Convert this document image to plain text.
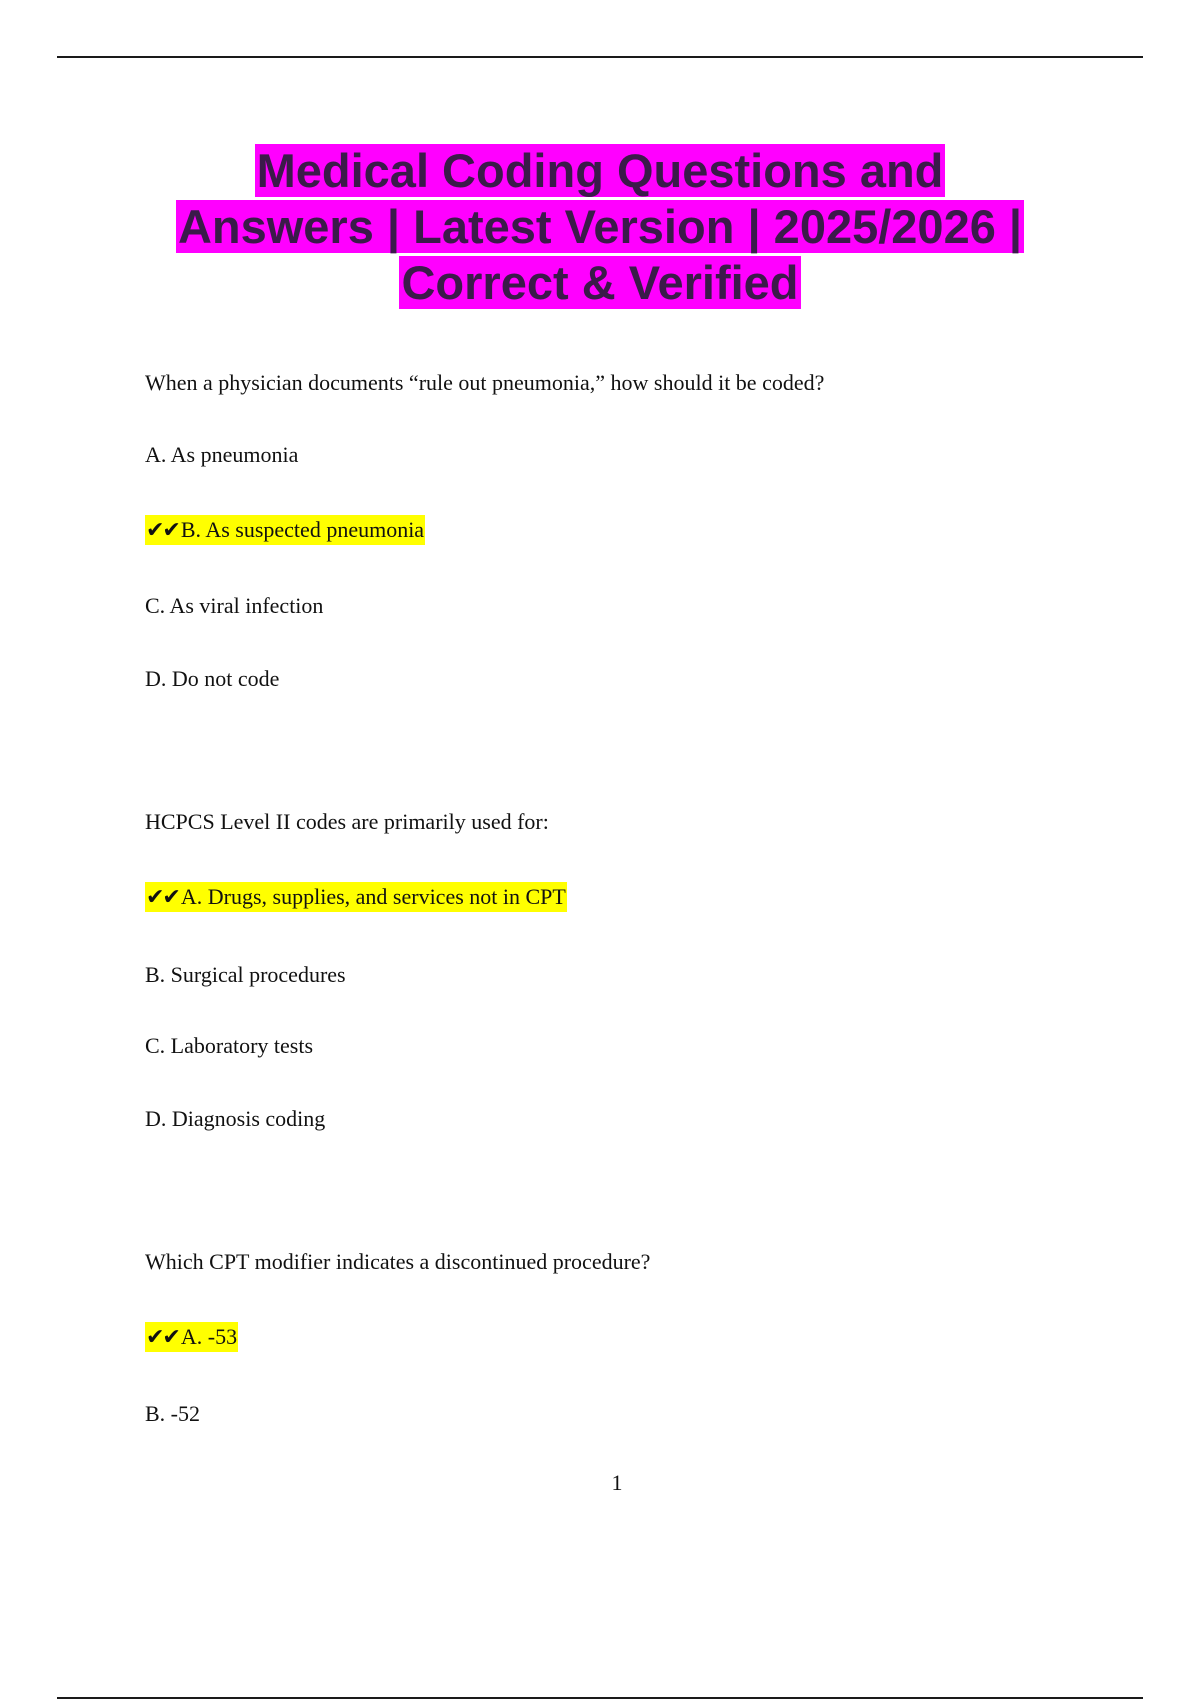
Medical Coding Questions and
Answers | Latest Version | 2025/2026 |
Correct & Verified
When a physician documents “rule out pneumonia,” how should it be coded?
A. As pneumonia
✔✔B. As suspected pneumonia
C. As viral infection
D. Do not code
HCPCS Level II codes are primarily used for:
✔✔A. Drugs, supplies, and services not in CPT
B. Surgical procedures
C. Laboratory tests
D. Diagnosis coding
Which CPT modifier indicates a discontinued procedure?
✔✔A. -53
B. -52
1
